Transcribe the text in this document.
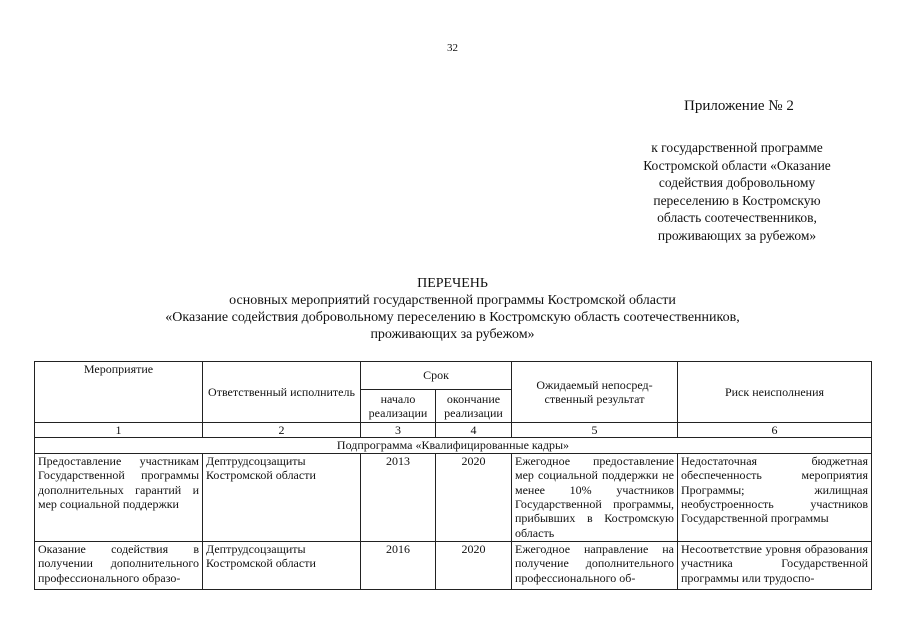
32
Приложение № 2
к государственной программе
Костромской области «Оказание
содействия добровольному
переселению в Костромскую
область соотечественников,
проживающих за рубежом»
ПЕРЕЧЕНЬ
основных мероприятий государственной программы Костромской области
«Оказание содействия добровольному переселению в Костромскую область соотечественников,
проживающих за рубежом»
Мероприятие	Ответственный исполнитель	Срок		Ожидаемый непосред-ственный результат	Риск неисполнения
		начало реализации	окончание реализации		
1	2	3	4	5	6
Подпрограмма «Квалифицированные кадры»					
Предоставление участникам Государственной программы дополнительных гарантий и мер социальной поддержки	Дептрудсоцзащиты Костромской области	2013	2020	Ежегодное предоставление мер социальной поддержки не менее 10% участников Государственной программы, прибывших в Костромскую область	Недостаточная бюджетная обеспеченность мероприятия Программы; жилищная необустроенность участников Государственной программы
Оказание содействия в получении дополнительного профессионального образо-	Дептрудсоцзащиты Костромской области	2016	2020	Ежегодное направление на получение дополнительного профессионального об-	Несоответствие уровня образования участника Государственной программы или трудоспо-
